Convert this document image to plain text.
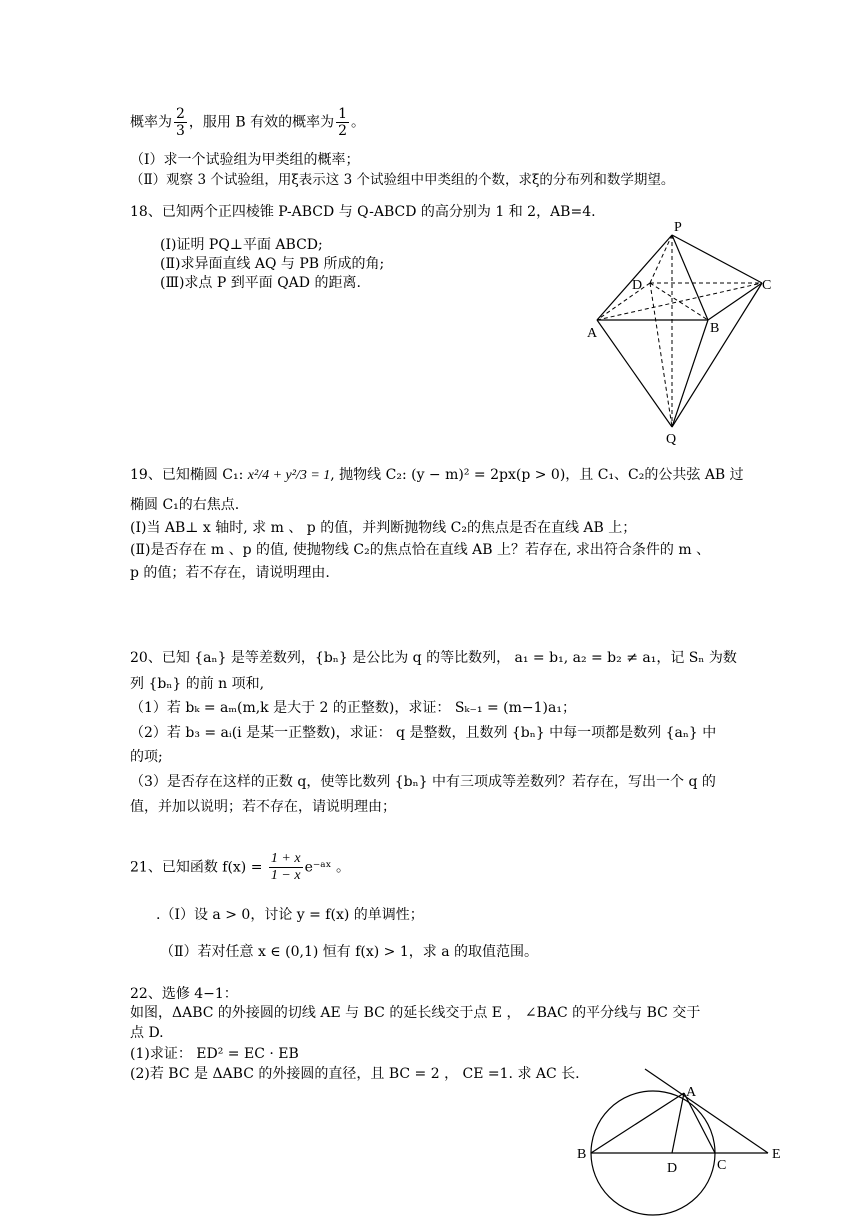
概率为 $\frac{2}{3}$ ，服用 B 有效的概率为 $\frac{1}{2}$ 。
（Ⅰ）求一个试验组为甲类组的概率；
（Ⅱ）观察 3 个试验组，用ξ表示这 3 个试验组中甲类组的个数，求ξ的分布列和数学期望。
18、已知两个正四棱锥 P-ABCD 与 Q-ABCD 的高分别为 1 和 2，AB=4.
(Ⅰ)证明 PQ⊥平面 ABCD;
(Ⅱ)求异面直线 AQ 与 PB 所成的角;
(Ⅲ)求点 P 到平面 QAD 的距离.
P
D	C
A	B
Q
19、已知椭圆 C₁: x²/4 + y²/3 = 1, 抛物线 C₂: (y − m)² = 2px(p > 0)，且 C₁、C₂的公共弦 AB 过
椭圆 C₁的右焦点.
(Ⅰ)当 AB⊥ x 轴时, 求 m 、 p 的值，并判断抛物线 C₂的焦点是否在直线 AB 上；
(Ⅱ)是否存在 m 、p 的值, 使抛物线 C₂的焦点恰在直线 AB 上？若存在, 求出符合条件的 m 、
p 的值；若不存在，请说明理由.
20、已知 {aₙ} 是等差数列，{bₙ} 是公比为 q 的等比数列， a₁ = b₁, a₂ = b₂ ≠ a₁，记 Sₙ 为数
列 {bₙ} 的前 n 项和,
（1）若 bₖ = aₘ(m,k 是大于 2 的正整数)，求证： Sₖ₋₁ = (m−1)a₁；
（2）若 b₃ = aᵢ(i 是某一正整数)，求证： q 是整数，且数列 {bₙ} 中每一项都是数列 {aₙ} 中
的项;
（3）是否存在这样的正数 q，使等比数列 {bₙ} 中有三项成等差数列？若存在，写出一个 q 的
值，并加以说明；若不存在，请说明理由；
21、已知函数 $f(x) = \frac{1 + x}{1 - x}$ e⁻ᵃˣ 。
.（Ⅰ）设 a > 0，讨论 y = f(x) 的单调性；
（Ⅱ）若对任意 x ∈ (0,1) 恒有 f(x) > 1，求 a 的取值范围。
22、选修 4−1：
如图，ΔABC 的外接圆的切线 AE 与 BC 的延长线交于点 E ， ∠BAC 的平分线与 BC 交于
点 D.
(1)求证： ED² = EC · EB
(2)若 BC 是 ΔABC 的外接圆的直径，且 BC = 2 ， CE =1. 求 AC 长.
A
B
D	C
E
